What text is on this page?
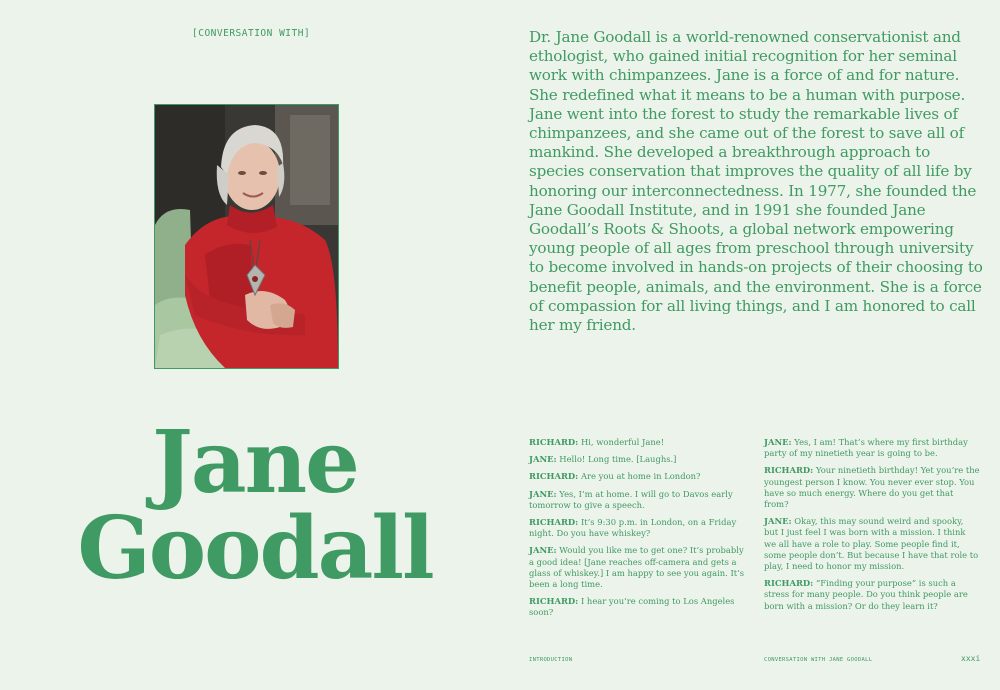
[CONVERSATION WITH]	Dr. Jane Goodall is a world-renowned conservationist and ethologist, who gained initial recognition for her seminal work with chimpanzees. Jane is a force of and for nature. She redefined what it means to be a human with purpose. Jane went into the forest to study the remarkable lives of chimpanzees, and she came out of the forest to save all of mankind. She developed a breakthrough approach to species conservation that improves the quality of all life by honoring our interconnectedness. In 1977, she founded the Jane Goodall Institute, and in 1991 she founded Jane Goodall’s Roots & Shoots, a global network empowering young people of all ages from preschool through university to become involved in hands-on projects of their choosing to benefit people, animals, and the environment. She is a force of compassion for all living things, and I am honored to call her my friend.

Jane
Goodall

RICHARD: Hi, wonderful Jane!

JANE: Hello! Long time. [Laughs.]

RICHARD: Are you at home in London?

JANE: Yes, I’m at home. I will go to Davos early tomorrow to give a speech.

RICHARD: It’s 9:30 p.m. in London, on a Friday night. Do you have whiskey?

JANE: Would you like me to get one? It’s probably a good idea! [Jane reaches off-camera and gets a glass of whiskey.] I am happy to see you again. It’s been a long time.

RICHARD: I hear you’re coming to Los Angeles soon?

JANE: Yes, I am! That’s where my first birthday party of my ninetieth year is going to be.

RICHARD: Your ninetieth birthday! Yet you’re the youngest person I know. You never ever stop. You have so much energy. Where do you get that from?

JANE: Okay, this may sound weird and spooky, but I just feel I was born with a mission. I think we all have a role to play. Some people find it, some people don’t. But because I have that role to play, I need to honor my mission.

RICHARD: “Finding your purpose” is such a stress for many people. Do you think people are born with a mission? Or do they learn it?

INTRODUCTION	CONVERSATION WITH JANE GOODALL	xxxi
